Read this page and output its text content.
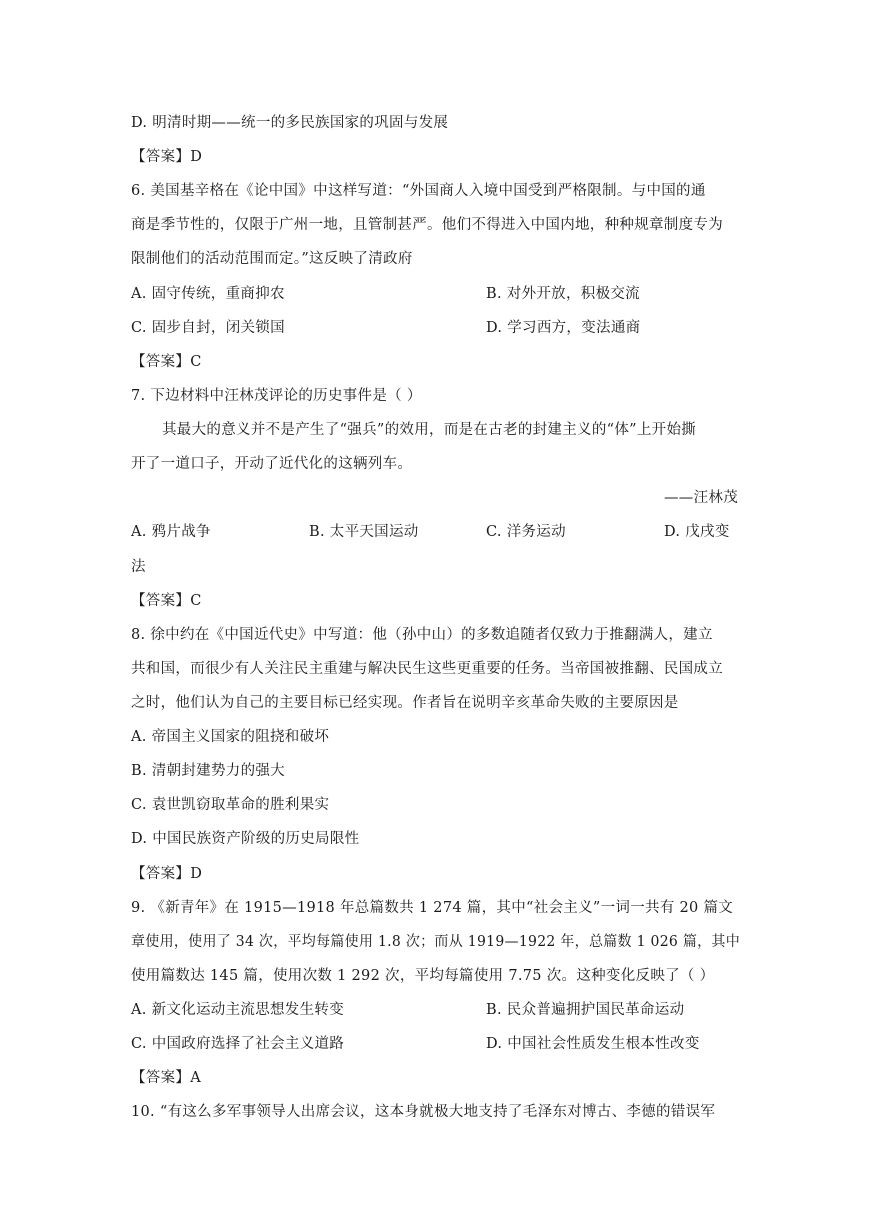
D. 明清时期——统一的多民族国家的巩固与发展
【答案】D
6. 美国基辛格在《论中国》中这样写道：“外国商人入境中国受到严格限制。与中国的通
商是季节性的，仅限于广州一地，且管制甚严。他们不得进入中国内地，种种规章制度专为
限制他们的活动范围而定。”这反映了清政府
A. 固守传统，重商抑农	B. 对外开放，积极交流
C. 固步自封，闭关锁国	D. 学习西方，变法通商
【答案】C
7. 下边材料中汪林茂评论的历史事件是（ ）
其最大的意义并不是产生了“强兵”的效用，而是在古老的封建主义的“体”上开始撕
开了一道口子，开动了近代化的这辆列车。
——汪林茂
A. 鸦片战争	B. 太平天国运动	C. 洋务运动	D. 戊戌变
法
【答案】C
8. 徐中约在《中国近代史》中写道：他（孙中山）的多数追随者仅致力于推翻满人，建立
共和国，而很少有人关注民主重建与解决民生这些更重要的任务。当帝国被推翻、民国成立
之时，他们认为自己的主要目标已经实现。作者旨在说明辛亥革命失败的主要原因是
A. 帝国主义国家的阻挠和破坏
B. 清朝封建势力的强大
C. 袁世凯窃取革命的胜利果实
D. 中国民族资产阶级的历史局限性
【答案】D
9. 《新青年》在 1915—1918 年总篇数共 1 274 篇，其中“社会主义”一词一共有 20 篇文
章使用，使用了 34 次，平均每篇使用 1.8 次；而从 1919—1922 年，总篇数 1 026 篇，其中
使用篇数达 145 篇，使用次数 1 292 次，平均每篇使用 7.75 次。这种变化反映了（ ）
A. 新文化运动主流思想发生转变	B. 民众普遍拥护国民革命运动
C. 中国政府选择了社会主义道路	D. 中国社会性质发生根本性改变
【答案】A
10. “有这么多军事领导人出席会议，这本身就极大地支持了毛泽东对博古、李德的错误军
